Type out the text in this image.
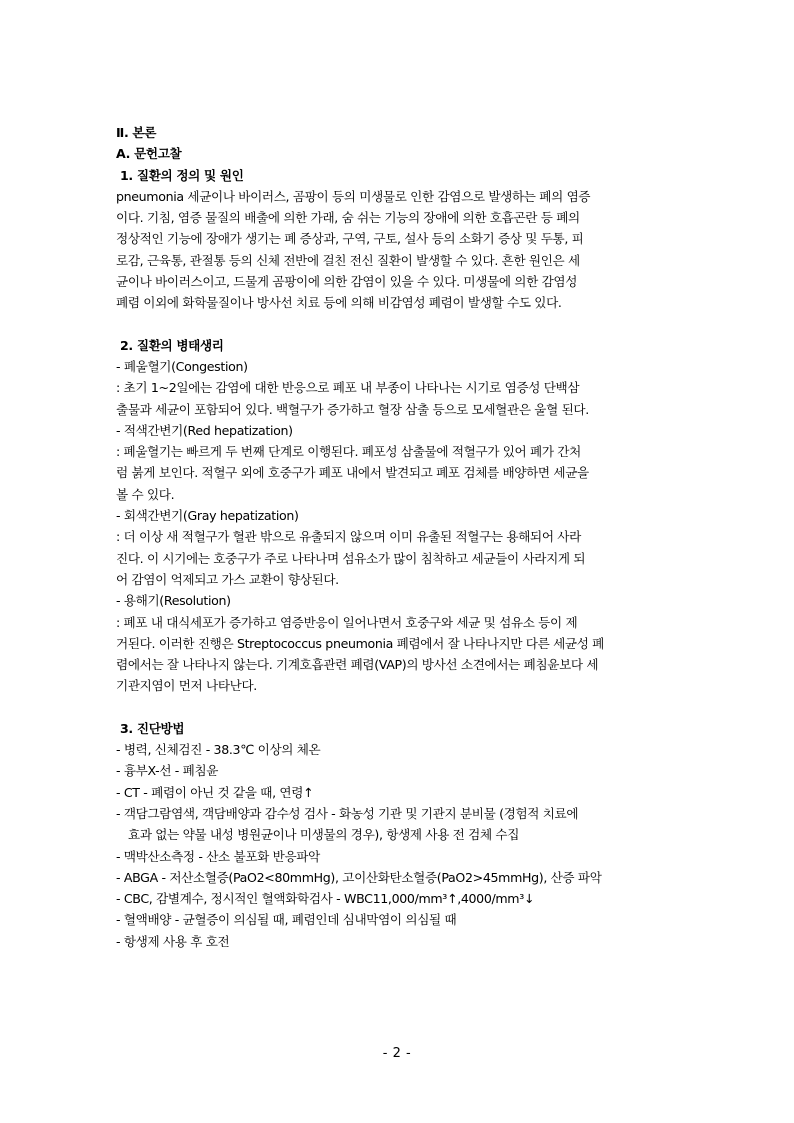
Ⅱ. 본론
A. 문헌고찰
1. 질환의 정의 및 원인
pneumonia 세균이나 바이러스, 곰팡이 등의 미생물로 인한 감염으로 발생하는 폐의 염증
이다. 기침, 염증 물질의 배출에 의한 가래, 숨 쉬는 기능의 장애에 의한 호흡곤란 등 폐의
정상적인 기능에 장애가 생기는 폐 증상과, 구역, 구토, 설사 등의 소화기 증상 및 두통, 피
로감, 근육통, 관절통 등의 신체 전반에 걸친 전신 질환이 발생할 수 있다. 흔한 원인은 세
균이나 바이러스이고, 드물게 곰팡이에 의한 감염이 있을 수 있다. 미생물에 의한 감염성
폐렴 이외에 화학물질이나 방사선 치료 등에 의해 비감염성 폐렴이 발생할 수도 있다.
2. 질환의 병태생리
- 폐울혈기(Congestion)
: 초기 1~2일에는 감염에 대한 반응으로 폐포 내 부종이 나타나는 시기로 염증성 단백삼
출물과 세균이 포함되어 있다. 백혈구가 증가하고 혈장 삼출 등으로 모세혈관은 울혈 된다.
- 적색간변기(Red hepatization)
: 폐울혈기는 빠르게 두 번째 단계로 이행된다. 폐포성 삼출물에 적혈구가 있어 폐가 간처
럼 붉게 보인다. 적혈구 외에 호중구가 폐포 내에서 발견되고 폐포 검체를 배양하면 세균을
볼 수 있다.
- 회색간변기(Gray hepatization)
: 더 이상 새 적혈구가 혈관 밖으로 유출되지 않으며 이미 유출된 적혈구는 용해되어 사라
진다. 이 시기에는 호중구가 주로 나타나며 섬유소가 많이 침착하고 세균들이 사라지게 되
어 감염이 억제되고 가스 교환이 향상된다.
- 용해기(Resolution)
: 폐포 내 대식세포가 증가하고 염증반응이 일어나면서 호중구와 세균 및 섬유소 등이 제
거된다. 이러한 진행은 Streptococcus pneumonia 폐렴에서 잘 나타나지만 다른 세균성 폐
렴에서는 잘 나타나지 않는다. 기계호흡관련 폐렴(VAP)의 방사선 소견에서는 폐침윤보다 세
기관지염이 먼저 나타난다.
3. 진단방법
- 병력, 신체검진 - 38.3℃ 이상의 체온
- 흉부X-선 - 폐침윤
- CT - 폐렴이 아닌 것 같을 때, 연령↑
- 객담그람염색, 객담배양과 감수성 검사 - 화농성 기관 및 기관지 분비물 (경험적 치료에
효과 없는 약물 내성 병원균이나 미생물의 경우), 항생제 사용 전 검체 수집
- 맥박산소측정 - 산소 불포화 반응파악
- ABGA - 저산소혈증(PaO2<80mmHg), 고이산화탄소혈증(PaO2>45mmHg), 산증 파악
- CBC, 감별계수, 정시적인 혈액화학검사 - WBC11,000/mm³↑,4000/mm³↓
- 혈액배양 - 균혈증이 의심될 때, 폐렴인데 심내막염이 의심될 때
- 항생제 사용 후 호전
- 2 -
